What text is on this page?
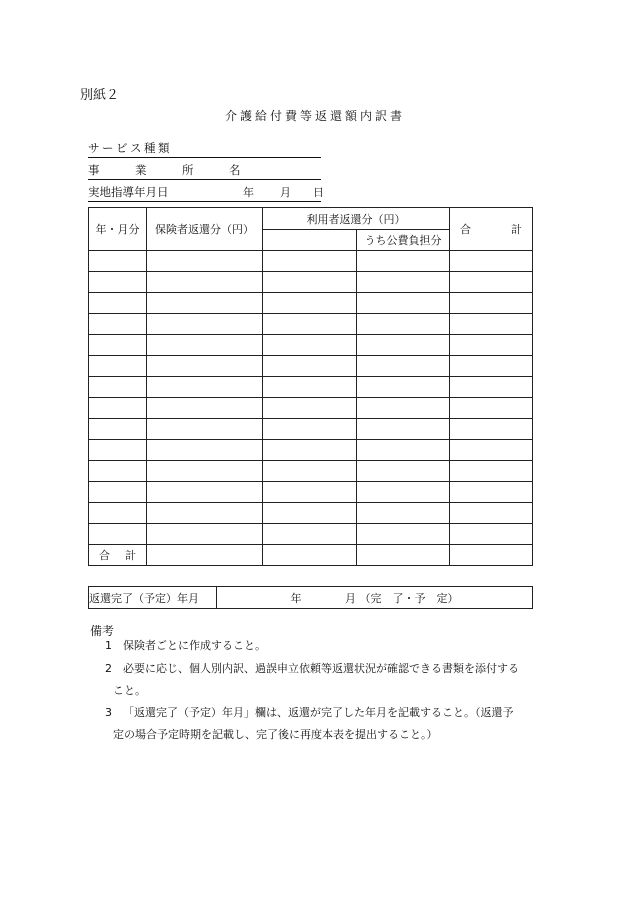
別紙２
介護給付費等返還額内訳書
サービス種類
事　業　所　名
実地指導年月日	年 月 日
年・月分	保険者返還分（円）	利用者返還分（円）		合 計

			うち公費負担分	

合 計				

返還完了（予定）年月	年	月 （完　了・予　定）
備考
1 保険者ごとに作成すること。
2 必要に応じ、個人別内訳、過誤申立依頼等返還状況が確認できる書類を添付する
こと。
3 「返還完了（予定）年月」欄は、返還が完了した年月を記載すること。（返還予
定の場合予定時期を記載し、完了後に再度本表を提出すること。）
